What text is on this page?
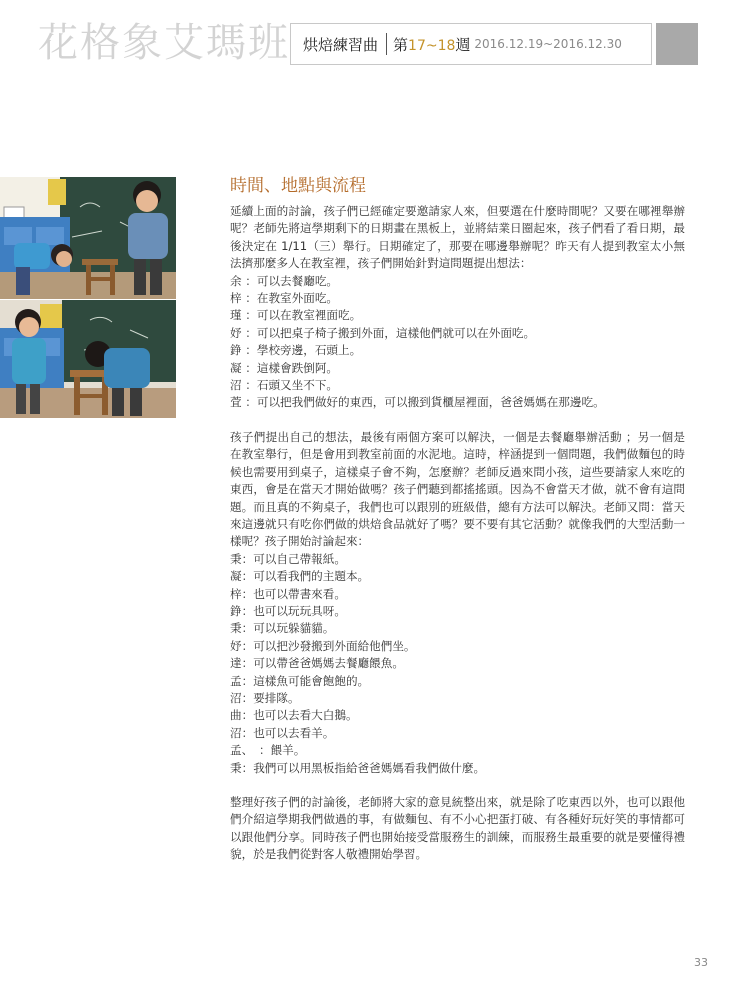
花格象艾瑪班 烘焙練習曲 第17~18週 2016.12.19~2016.12.30
時間、地點與流程

延續上面的討論，孩子們已經確定要邀請家人來，但要選在什麼時間呢？又要在哪裡舉辦呢？老師先將這學期剩下的日期畫在黑板上，並將結業日圈起來，孩子們看了看日期，最後決定在 1/11（三）舉行。日期確定了，那要在哪邊舉辦呢？昨天有人提到教室太小無法擠那麼多人在教室裡，孩子們開始針對這問題提出想法：

余 ：可以去餐廳吃。

梓 ：在教室外面吃。

瑾 ：可以在教室裡面吃。

妤 ：可以把桌子椅子搬到外面，這樣他們就可以在外面吃。

錚 ：學校旁邊，石頭上。

凝 ：這樣會跌倒阿。

沼 ：石頭又坐不下。

萓 ：可以把我們做好的東西，可以搬到貨櫃屋裡面，爸爸媽媽在那邊吃。

孩子們提出自己的想法，最後有兩個方案可以解決，一個是去餐廳舉辦活動 ；另一個是在教室舉行，但是會用到教室前面的水泥地。這時，梓涵提到一個問題，我們做麵包的時候也需要用到桌子，這樣桌子會不夠，怎麼辦？老師反過來問小孩，這些要請家人來吃的東西，會是在當天才開始做嗎？孩子們聽到都搖搖頭。因為不會當天才做，就不會有這問題。而且真的不夠桌子，我們也可以跟別的班級借，總有方法可以解決。老師又問：當天來這邊就只有吃你們做的烘焙食品就好了嗎？要不要有其它活動？就像我們的大型活動一樣呢？孩子開始討論起來：

秉：可以自己帶報紙。

凝：可以看我們的主題本。

梓：也可以帶書來看。

錚：也可以玩玩具呀。

秉：可以玩躲貓貓。

妤：可以把沙發搬到外面給他們坐。

達：可以帶爸爸媽媽去餐廳餵魚。

孟：這樣魚可能會飽飽的。

沼：要排隊。

曲：也可以去看大白鵝。

沼：也可以去看羊。

孟、　：餵羊。

秉：我們可以用黑板指給爸爸媽媽看我們做什麼。

整理好孩子們的討論後，老師將大家的意見統整出來，就是除了吃東西以外，也可以跟他們介紹這學期我們做過的事，有做麵包、有不小心把蛋打破、有各種好玩好笑的事情都可以跟他們分享。同時孩子們也開始接受當服務生的訓練，而服務生最重要的就是要懂得禮貌，於是我們從對客人敬禮開始學習。

33
